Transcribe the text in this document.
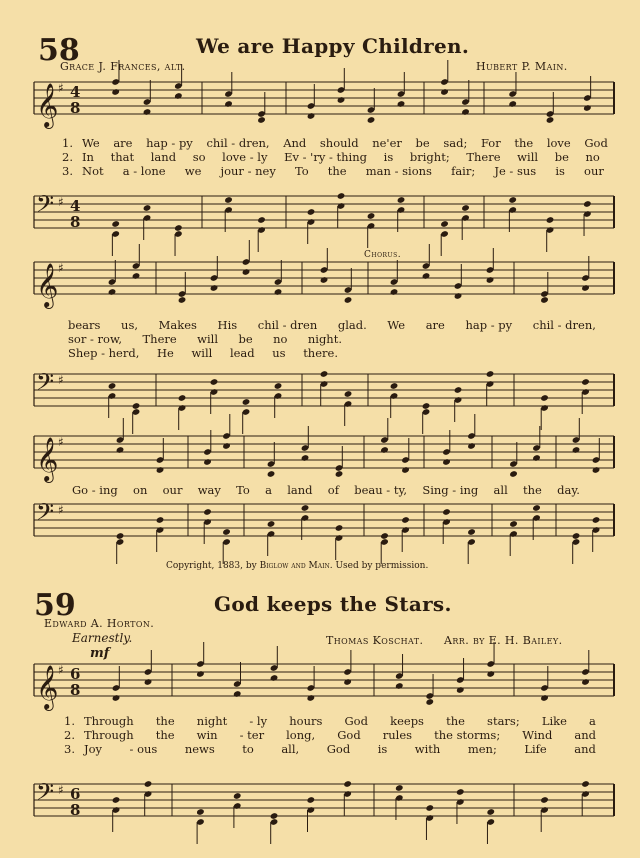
𝄞 ♯ 4
8
𝄢 ♯ 4
8
𝄞 ♯
𝄢 ♯
𝄞 ♯
𝄢 ♯
𝄞 ♯ 6
8
𝄢 ♯ 6
8
58	We are Happy Children.
Grace J. Frances, alt.	Hubert P. Main.
1. We are hap - py chil - dren, And should ne'er be sad; For the love God
2. In that land so love - ly Ev - 'ry - thing is bright; There will be no
3. Not a - lone we jour - ney To the man - sions fair; Je - sus is our
Chorus.
bears us, Makes His chil - dren glad. We are hap - py chil - dren,
sor - row, There will be no night.
Shep - herd, He will lead us there.
Go - ing on our way To a land of beau - ty, Sing - ing all the day.
Copyright, 1883, by Biglow and Main. Used by permission.
59	God keeps the Stars.
Edward A. Horton.
Earnestly.	Thomas Koschat. Arr. by E. H. Bailey.
mf
1. Through the night - ly hours God keeps the stars; Like a
2. Through the win - ter long, God rules the storms; Wind and
3. Joy - ous news to all, God is with men; Life and
